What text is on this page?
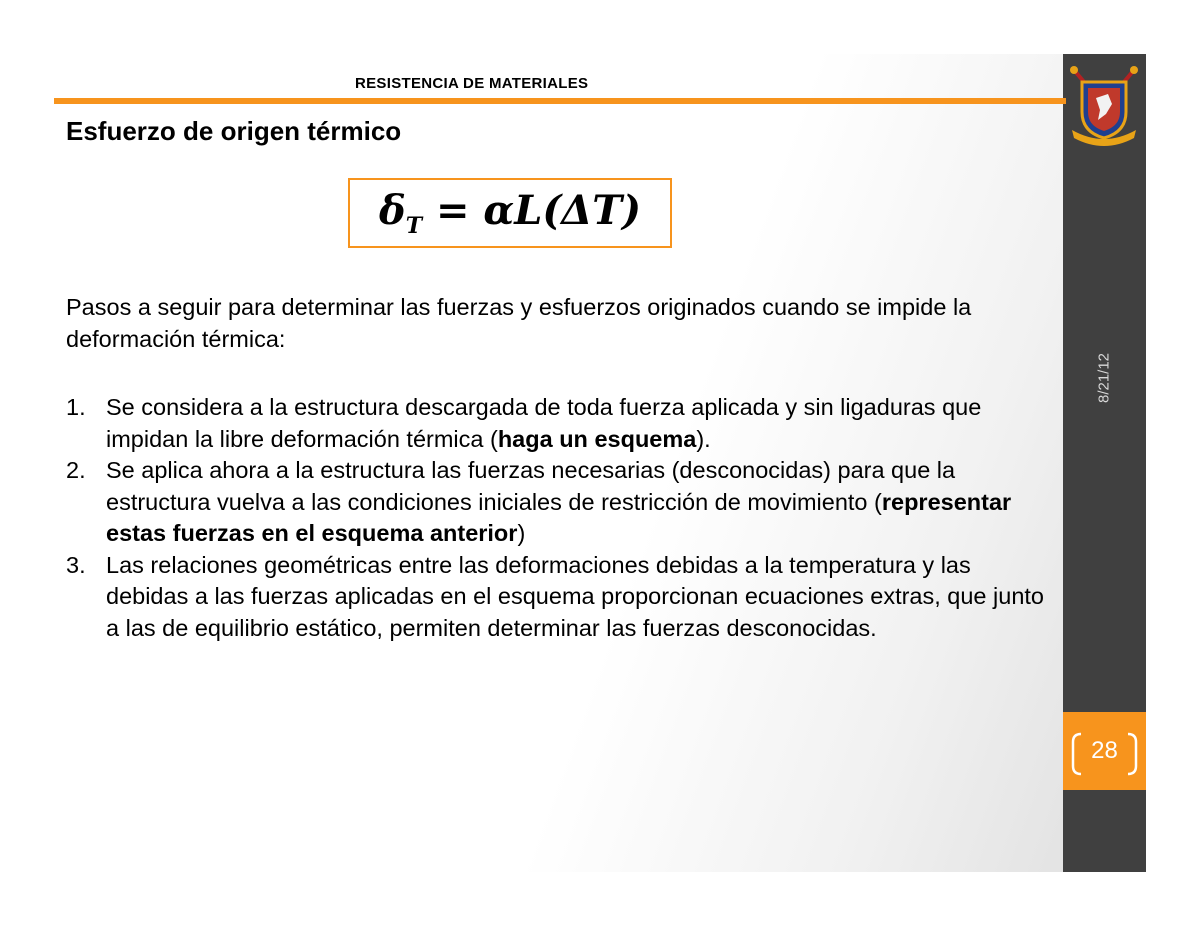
RESISTENCIA DE MATERIALES
Esfuerzo de origen térmico
$\delta_T = \alpha L(\Delta T)$
Pasos a seguir para determinar las fuerzas y esfuerzos originados cuando se impide la deformación térmica:
1. Se considera a la estructura descargada de toda fuerza aplicada y sin ligaduras que impidan la libre deformación térmica (haga un esquema).
2. Se aplica ahora a la estructura las fuerzas necesarias (desconocidas) para que la estructura vuelva a las condiciones iniciales de restricción de movimiento (representar estas fuerzas en el esquema anterior)
3. Las relaciones geométricas entre las deformaciones debidas a la temperatura y las debidas a las fuerzas aplicadas en el esquema proporcionan ecuaciones extras, que junto a las de equilibrio estático, permiten determinar las fuerzas desconocidas.
8/21/12
28
